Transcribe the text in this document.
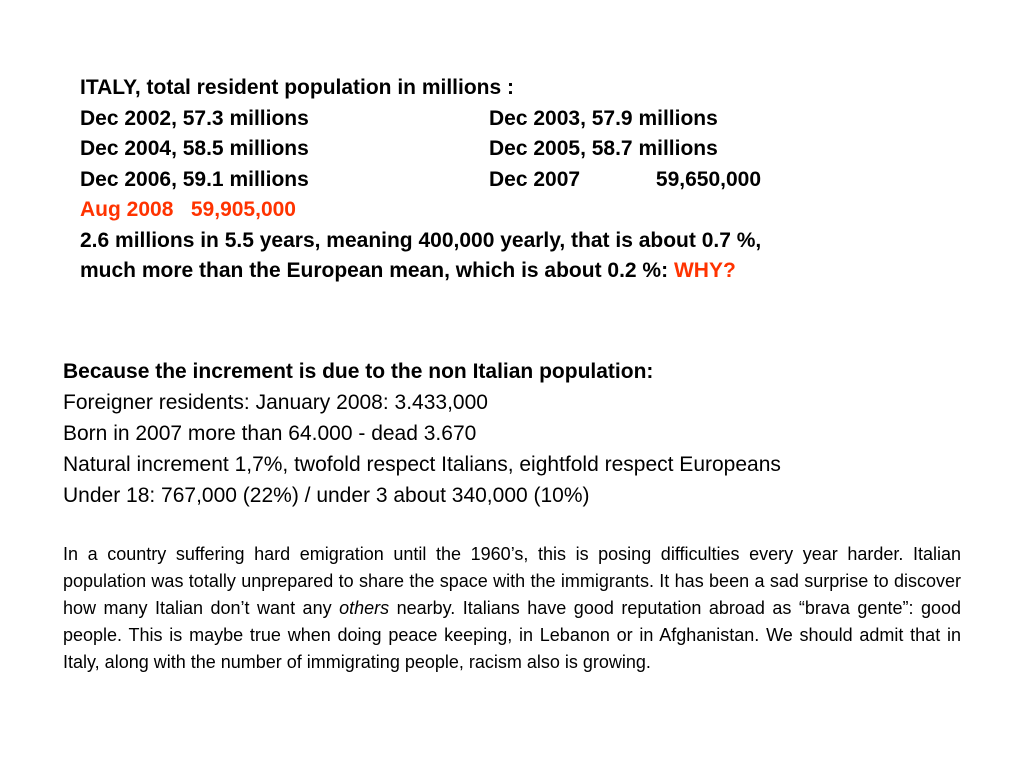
ITALY, total resident population in millions :
Dec 2002, 57.3 millions	Dec 2003, 57.9 millions
Dec 2004, 58.5 millions	Dec 2005, 58.7 millions
Dec 2006, 59.1 millions	Dec 2007             59,650,000
Aug 2008   59,905,000
2.6 millions in 5.5 years, meaning 400,000 yearly, that is about 0.7 %,
much more than the European mean, which is about 0.2 %: WHY?
Because the increment is due to the non Italian population:
Foreigner residents: January 2008: 3.433,000
Born in 2007 more than 64.000 - dead 3.670
Natural increment 1,7%, twofold respect Italians, eightfold respect Europeans
Under 18: 767,000 (22%) / under 3 about 340,000 (10%)
In a country suffering hard emigration until the 1960’s, this is posing difficulties every year harder. Italian population was totally unprepared to share the space with the immigrants. It has been a sad surprise to discover how many Italian don’t want any others nearby. Italians have good reputation abroad as “brava gente”: good people. This is maybe true when doing peace keeping, in Lebanon or in Afghanistan. We should admit that in Italy, along with the number of immigrating people, racism also is growing.
